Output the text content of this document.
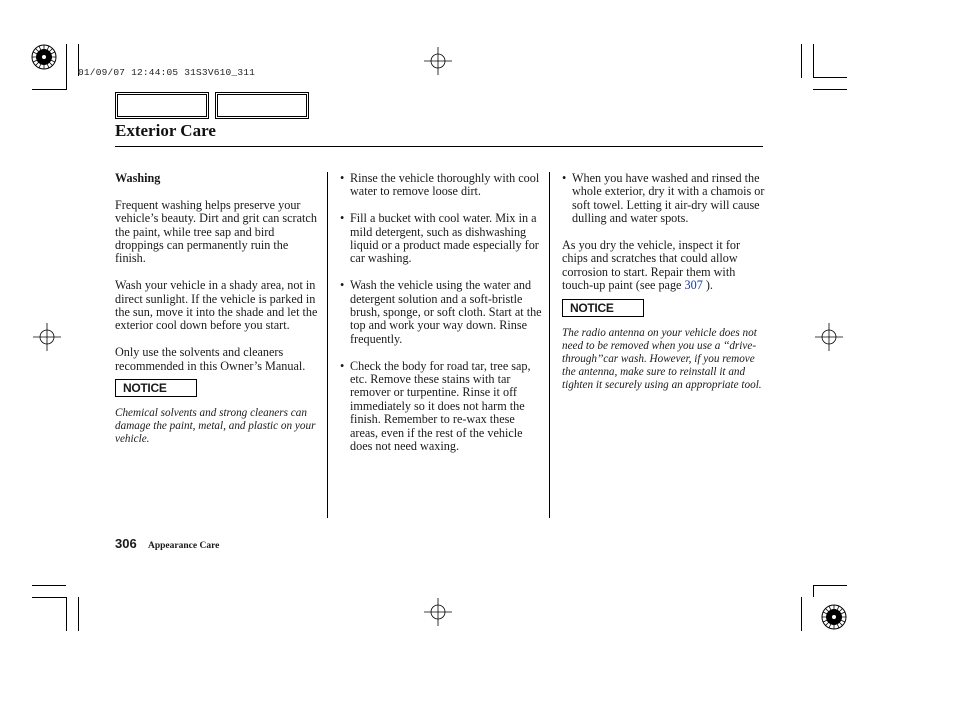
01/09/07 12:44:05 31S3V610_311
Exterior Care

Washing

Frequent washing helps preserve your vehicle’s beauty. Dirt and grit can scratch the paint, while tree sap and bird droppings can permanently ruin the finish.

Wash your vehicle in a shady area, not in direct sunlight. If the vehicle is parked in the sun, move it into the shade and let the exterior cool down before you start.

Only use the solvents and cleaners recommended in this Owner’s Manual.

NOTICE

Chemical solvents and strong cleaners can damage the paint, metal, and plastic on your vehicle.

• Rinse the vehicle thoroughly with cool water to remove loose dirt.
• Fill a bucket with cool water. Mix in a mild detergent, such as dishwashing liquid or a product made especially for car washing.
• Wash the vehicle using the water and detergent solution and a soft-bristle brush, sponge, or soft cloth. Start at the top and work your way down. Rinse frequently.
• Check the body for road tar, tree sap, etc. Remove these stains with tar remover or turpentine. Rinse it off immediately so it does not harm the finish. Remember to re-wax these areas, even if the rest of the vehicle does not need waxing.
• When you have washed and rinsed the whole exterior, dry it with a chamois or soft towel. Letting it air-dry will cause dulling and water spots.

As you dry the vehicle, inspect it for chips and scratches that could allow corrosion to start. Repair them with touch-up paint (see page 307 ).

NOTICE

The radio antenna on your vehicle does not need to be removed when you use a ‘‘drive-through’’car wash. However, if you remove the antenna, make sure to reinstall it and tighten it securely using an appropriate tool.

306 Appearance Care
